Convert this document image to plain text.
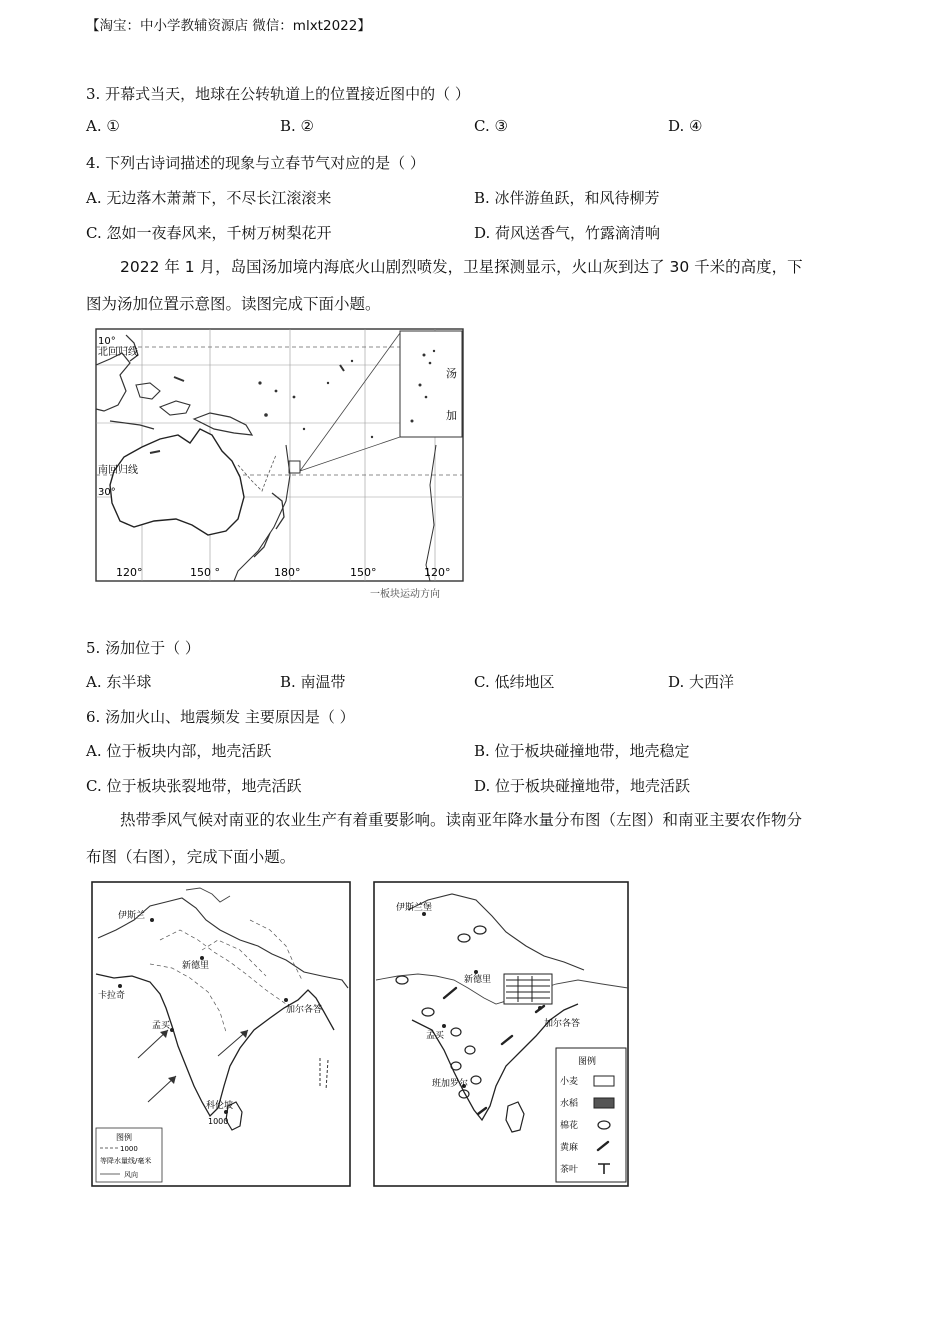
【淘宝：中小学教辅资源店 微信：mlxt2022】
3. 开幕式当天，地球在公转轨道上的位置接近图中的（ ）
A. ①	B. ②	C. ③	D. ④
4. 下列古诗词描述的现象与立春节气对应的是（ ）
A. 无边落木萧萧下，不尽长江滚滚来	B. 冰伴游鱼跃，和风待柳芳
C. 忽如一夜春风来，千树万树梨花开	D. 荷风送香气，竹露滴清响
2022 年 1 月，岛国汤加境内海底火山剧烈喷发，卫星探测显示，火山灰到达了 30 千米的高度，下
图为汤加位置示意图。读图完成下面小题。
10°
北回归线
南回归线
30°
120°	150 °	180°	150°	120°
汤
加
一板块运动方向
5. 汤加位于（ ）
A. 东半球	B. 南温带	C. 低纬地区	D. 大西洋
6. 汤加火山、地震频发 主要原因是（ ）
A. 位于板块内部，地壳活跃	B. 位于板块碰撞地带，地壳稳定
C. 位于板块张裂地带，地壳活跃	D. 位于板块碰撞地带，地壳活跃
热带季风气候对南亚的农业生产有着重要影响。读南亚年降水量分布图（左图）和南亚主要农作物分
布图（右图），完成下面小题。
伊斯兰
新德里
卡拉奇
加尔各答
孟买
科伦坡
1000
图例
1000
等降水量线/毫米
风向
伊斯兰堡
新德里
加尔各答
孟买
班加罗尔
图例
小麦
水稻
棉花
黄麻
茶叶
